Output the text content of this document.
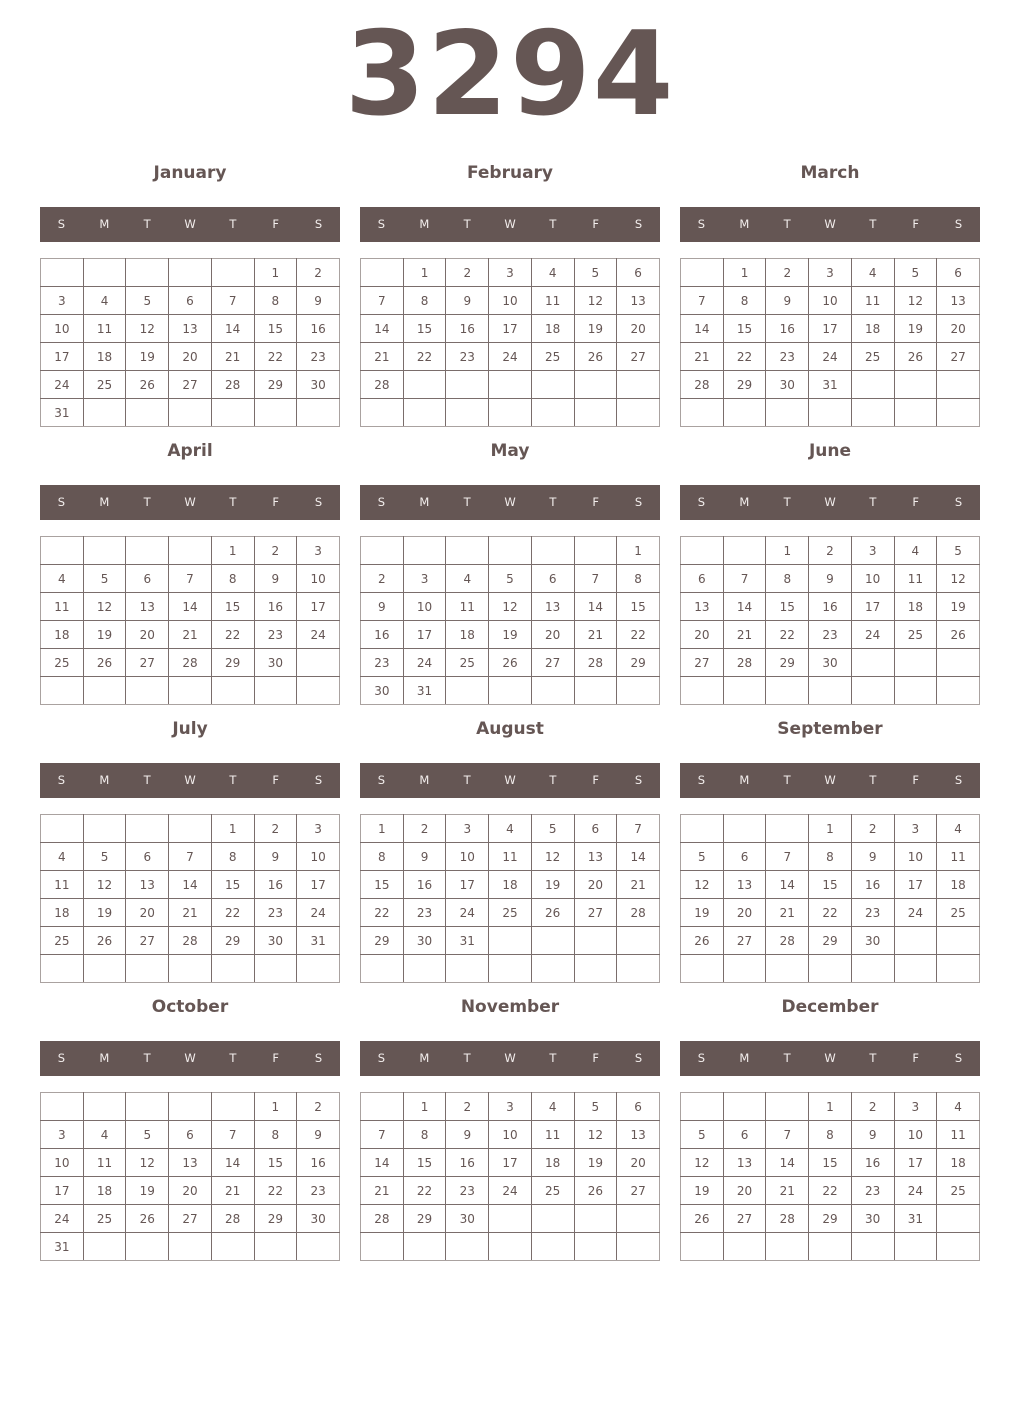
3294
January
S	M	T	W	T	F	S
					1	2
3	4	5	6	7	8	9
10	11	12	13	14	15	16
17	18	19	20	21	22	23
24	25	26	27	28	29	30
31						
February
S	M	T	W	T	F	S
	1	2	3	4	5	6
7	8	9	10	11	12	13
14	15	16	17	18	19	20
21	22	23	24	25	26	27
28						

March
S	M	T	W	T	F	S
	1	2	3	4	5	6
7	8	9	10	11	12	13
14	15	16	17	18	19	20
21	22	23	24	25	26	27
28	29	30	31			

April
S	M	T	W	T	F	S
				1	2	3
4	5	6	7	8	9	10
11	12	13	14	15	16	17
18	19	20	21	22	23	24
25	26	27	28	29	30	

May
S	M	T	W	T	F	S
						1
2	3	4	5	6	7	8
9	10	11	12	13	14	15
16	17	18	19	20	21	22
23	24	25	26	27	28	29
30	31					
June
S	M	T	W	T	F	S
		1	2	3	4	5
6	7	8	9	10	11	12
13	14	15	16	17	18	19
20	21	22	23	24	25	26
27	28	29	30			

July
S	M	T	W	T	F	S
				1	2	3
4	5	6	7	8	9	10
11	12	13	14	15	16	17
18	19	20	21	22	23	24
25	26	27	28	29	30	31

August
S	M	T	W	T	F	S
1	2	3	4	5	6	7
8	9	10	11	12	13	14
15	16	17	18	19	20	21
22	23	24	25	26	27	28
29	30	31				

September
S	M	T	W	T	F	S
			1	2	3	4
5	6	7	8	9	10	11
12	13	14	15	16	17	18
19	20	21	22	23	24	25
26	27	28	29	30		

October
S	M	T	W	T	F	S
					1	2
3	4	5	6	7	8	9
10	11	12	13	14	15	16
17	18	19	20	21	22	23
24	25	26	27	28	29	30
31						
November
S	M	T	W	T	F	S
	1	2	3	4	5	6
7	8	9	10	11	12	13
14	15	16	17	18	19	20
21	22	23	24	25	26	27
28	29	30				

December
S	M	T	W	T	F	S
			1	2	3	4
5	6	7	8	9	10	11
12	13	14	15	16	17	18
19	20	21	22	23	24	25
26	27	28	29	30	31	
